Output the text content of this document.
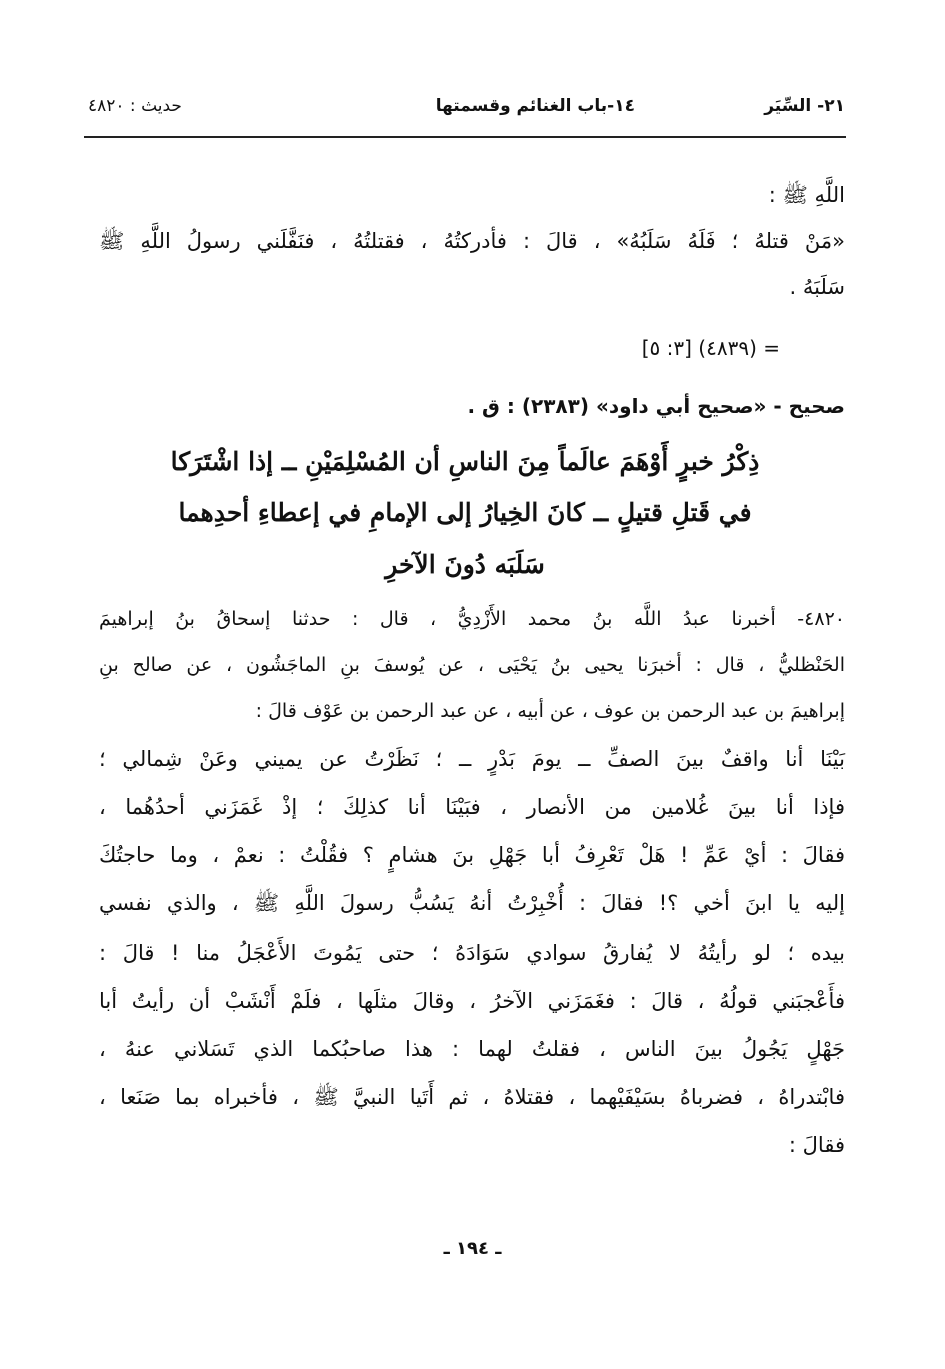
٢١- السِّيَر
١٤-باب الغنائم وقسمتها
حديث : ٤٨٢٠
اللَّهِ ﷺ :
«مَنْ قتلهُ ؛ فَلَهُ سَلَبُهُ» ، قالَ : فأدركتُهُ ، فقتلتُهُ ، فنَفَّلَني رسولُ اللَّهِ ﷺ
سَلَبَهُ .
= (٤٨٣٩) [٣: ٥]
صحيح - «صحيح أبي داود» (٢٣٨٣) : ق .
ذِكْرُ خبرٍ أَوْهَمَ عالَماً مِنَ الناسِ أن المُسْلِمَيْنِ ــ إذا اشْتَرَكا
في قَتلِ قتيلٍ ــ كانَ الخِيارُ إلى الإمامِ في إعطاءِ أحدِهما
سَلَبَه دُونَ الآخرِ
٤٨٢٠- أخبرنا عبدُ اللَّه بنُ محمد الأَزْدِيُّ ، قال : حدثنا إسحاقُ بنُ إبراهيمَ
الحَنْظليُّ ، قال : أخبرَنا يحيى بنُ يَحْيَى ، عن يُوسفَ بنِ الماجَشُون ، عن صالح بنِ
إبراهيمَ بن عبد الرحمن بن عوف ، عن أبيه ، عن عبد الرحمن بن عَوْف قالَ :
بَيْنَا أنا واقفٌ بينَ الصفِّ ــ يومَ بَدْرٍ ــ ؛ نَظَرْتُ عن يميني وعَنْ شِمالي ؛
فإذا أنا بينَ غُلامين من الأنصار ، فبَيْنَا أنا كذلِكَ ؛ إذْ غَمَزَني أحدُهُما ،
فقالَ : أيْ عَمِّ ! هَلْ تَعْرِفُ أبا جَهْلِ بنَ هشامٍ ؟ فقُلْتُ : نعمْ ، وما حاجتُكَ
إليه يا ابنَ أخي ؟! فقالَ : أُخْبِرْتُ أنهُ يَسُبُّ رسولَ اللَّهِ ﷺ ، والذي نفسي
بيده ؛ لو رأيتُهُ لا يُفارقُ سوادي سَوَادَهُ ؛ حتى يَمُوتَ الأَعْجَلُ منا ! قالَ :
فأَعْجبَني قولُهُ ، قالَ : فغَمَزَني الآخرُ ، وقالَ مثلَها ، فلَمْ أَنْشَبْ أن رأيتُ أبا
جَهْلٍ يَجُولُ بينَ الناس ، فقلتُ لهما : هذا صاحبُكما الذي تَسَلاني عنهُ ،
فابْتدراهُ ، فضرباهُ بسَيْفَيْهما ، فقتلاهُ ، ثم أَتَيا النبيَّ ﷺ ، فأخبراه بما صَنَعا ،
فقالَ :
ـ ١٩٤ ـ
